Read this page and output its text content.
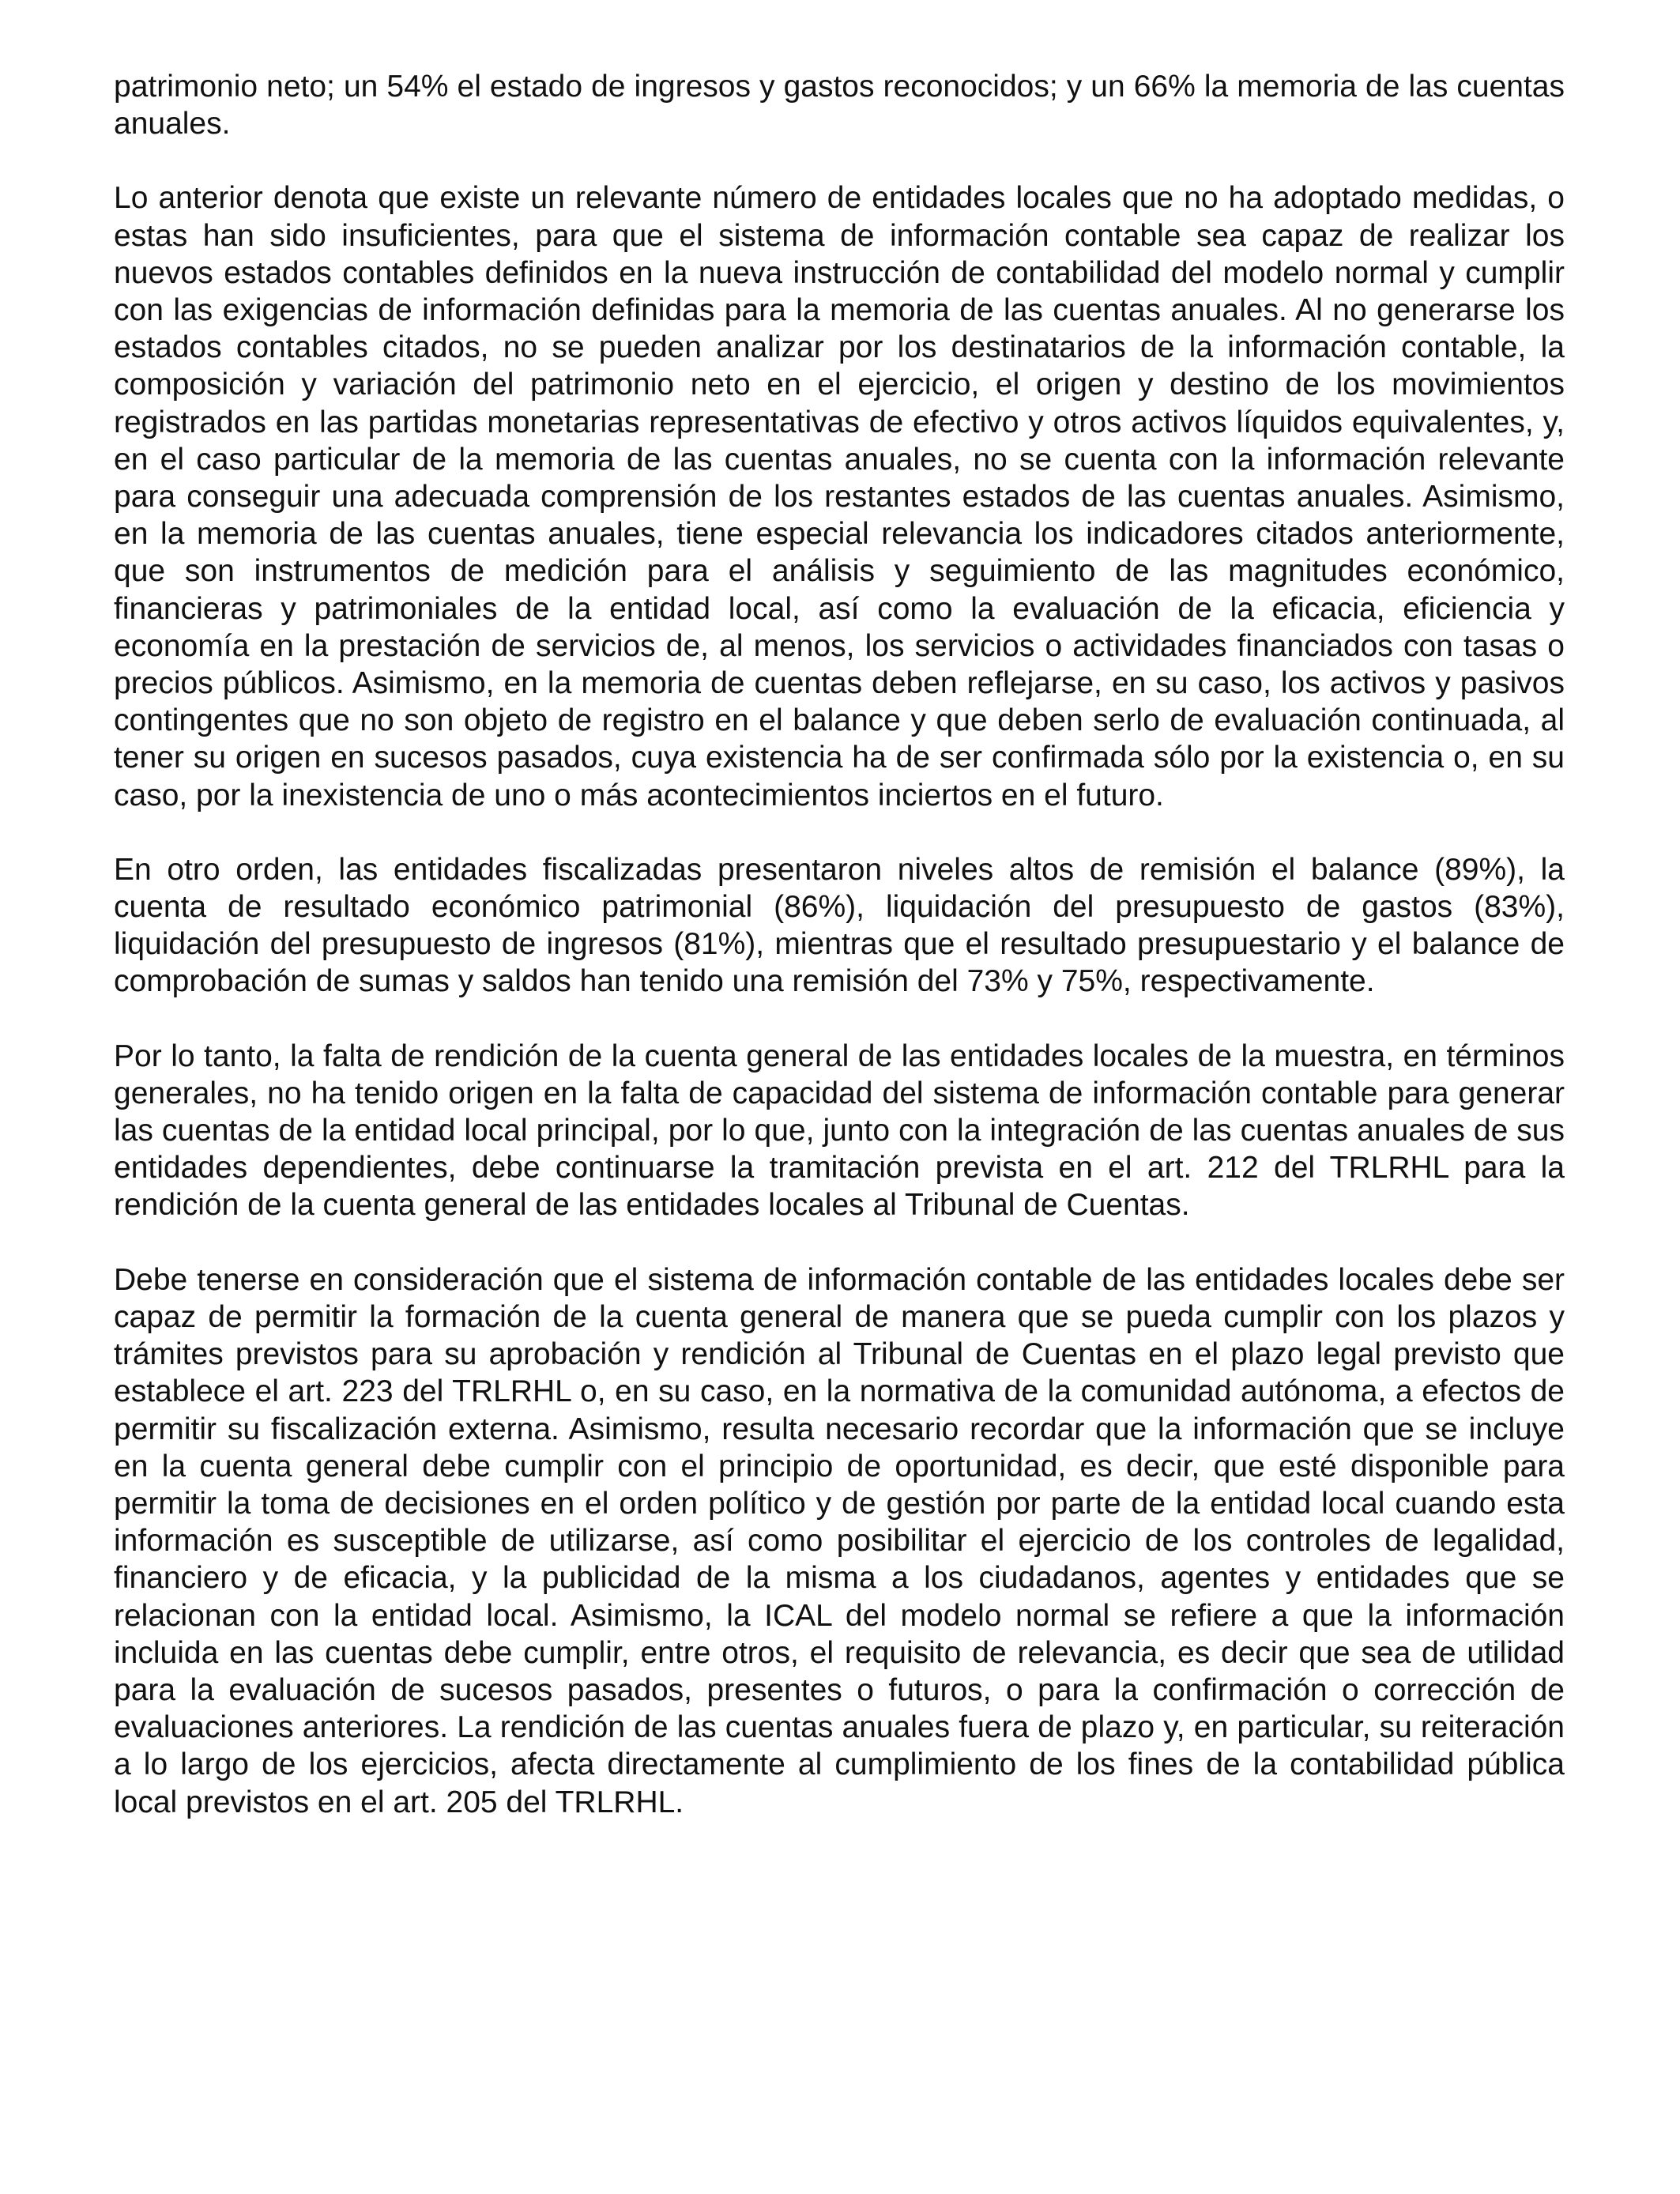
patrimonio neto; un 54% el estado de ingresos y gastos reconocidos; y un 66% la memoria de las cuentas anuales.

Lo anterior denota que existe un relevante número de entidades locales que no ha adoptado medidas, o estas han sido insuficientes, para que el sistema de información contable sea capaz de realizar los nuevos estados contables definidos en la nueva instrucción de contabilidad del modelo normal y cumplir con las exigencias de información definidas para la memoria de las cuentas anuales. Al no generarse los estados contables citados, no se pueden analizar por los destinatarios de la información contable, la composición y variación del patrimonio neto en el ejercicio, el origen y destino de los movimientos registrados en las partidas monetarias representativas de efectivo y otros activos líquidos equivalentes, y, en el caso particular de la memoria de las cuentas anuales, no se cuenta con la información relevante para conseguir una adecuada comprensión de los restantes estados de las cuentas anuales. Asimismo, en la memoria de las cuentas anuales, tiene especial relevancia los indicadores citados anteriormente, que son instrumentos de medición para el análisis y seguimiento de las magnitudes económico, financieras y patrimoniales de la entidad local, así como la evaluación de la eficacia, eficiencia y economía en la prestación de servicios de, al menos, los servicios o actividades financiados con tasas o precios públicos. Asimismo, en la memoria de cuentas deben reflejarse, en su caso, los activos y pasivos contingentes que no son objeto de registro en el balance y que deben serlo de evaluación continuada, al tener su origen en sucesos pasados, cuya existencia ha de ser confirmada sólo por la existencia o, en su caso, por la inexistencia de uno o más acontecimientos inciertos en el futuro.

En otro orden, las entidades fiscalizadas presentaron niveles altos de remisión el balance (89%), la cuenta de resultado económico patrimonial (86%), liquidación del presupuesto de gastos (83%), liquidación del presupuesto de ingresos (81%), mientras que el resultado presupuestario y el balance de comprobación de sumas y saldos han tenido una remisión del 73% y 75%, respectivamente.

Por lo tanto, la falta de rendición de la cuenta general de las entidades locales de la muestra, en términos generales, no ha tenido origen en la falta de capacidad del sistema de información contable para generar las cuentas de la entidad local principal, por lo que, junto con la integración de las cuentas anuales de sus entidades dependientes, debe continuarse la tramitación prevista en el art. 212 del TRLRHL para la rendición de la cuenta general de las entidades locales al Tribunal de Cuentas.

Debe tenerse en consideración que el sistema de información contable de las entidades locales debe ser capaz de permitir la formación de la cuenta general de manera que se pueda cumplir con los plazos y trámites previstos para su aprobación y rendición al Tribunal de Cuentas en el plazo legal previsto que establece el art. 223 del TRLRHL o, en su caso, en la normativa de la comunidad autónoma, a efectos de permitir su fiscalización externa. Asimismo, resulta necesario recordar que la información que se incluye en la cuenta general debe cumplir con el principio de oportunidad, es decir, que esté disponible para permitir la toma de decisiones en el orden político y de gestión por parte de la entidad local cuando esta información es susceptible de utilizarse, así como posibilitar el ejercicio de los controles de legalidad, financiero y de eficacia, y la publicidad de la misma a los ciudadanos, agentes y entidades que se relacionan con la entidad local. Asimismo, la ICAL del modelo normal se refiere a que la información incluida en las cuentas debe cumplir, entre otros, el requisito de relevancia, es decir que sea de utilidad para la evaluación de sucesos pasados, presentes o futuros, o para la confirmación o corrección de evaluaciones anteriores. La rendición de las cuentas anuales fuera de plazo y, en particular, su reiteración a lo largo de los ejercicios, afecta directamente al cumplimiento de los fines de la contabilidad pública local previstos en el art. 205 del TRLRHL.
